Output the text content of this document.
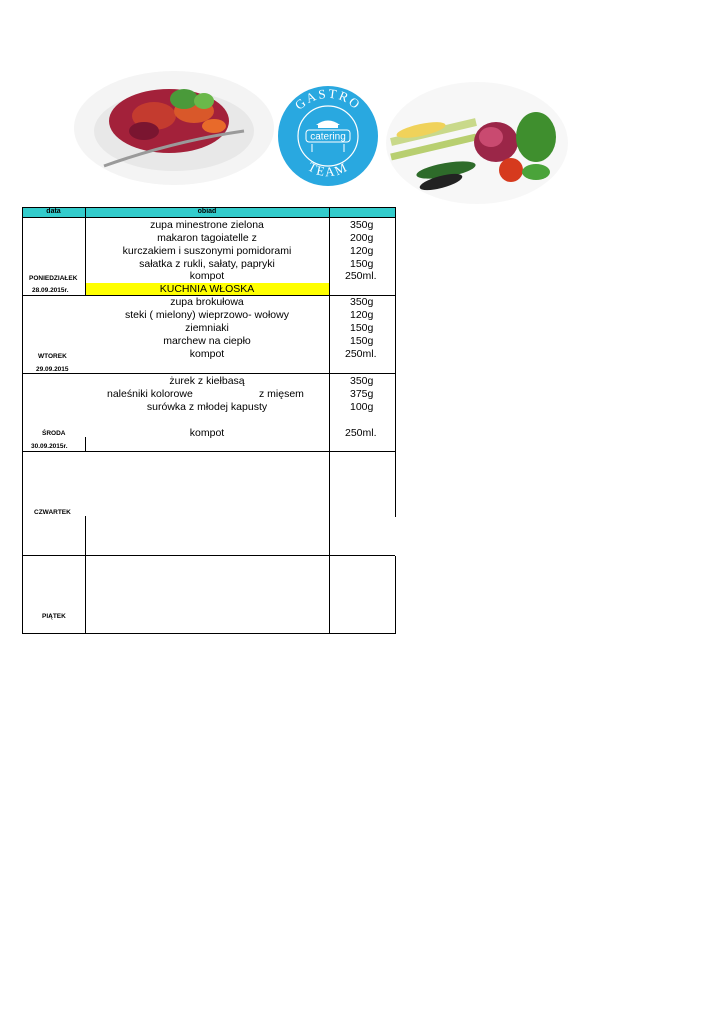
GASTRO
TEAM
catering
data	obiad
zupa minestrone zielona
makaron tagoiatelle z
kurczakiem i suszonymi pomidorami
sałatka z rukli, sałaty, papryki
kompot
KUCHNIA WŁOSKA
350g
200g
120g
150g
250ml.
PONIEDZIAŁEK
28.09.2015r.
zupa brokułowa
steki ( mielony) wieprzowo- wołowy
ziemniaki
marchew na ciepło
kompot
350g
120g
150g
150g
250ml.
WTOREK
29.09.2015
żurek z kiełbasą
naleśniki kolorowe	z mięsem
surówka z młodej kapusty
kompot
350g
375g
100g
250ml.
ŚRODA
30.09.2015r.
CZWARTEK
PIĄTEK
